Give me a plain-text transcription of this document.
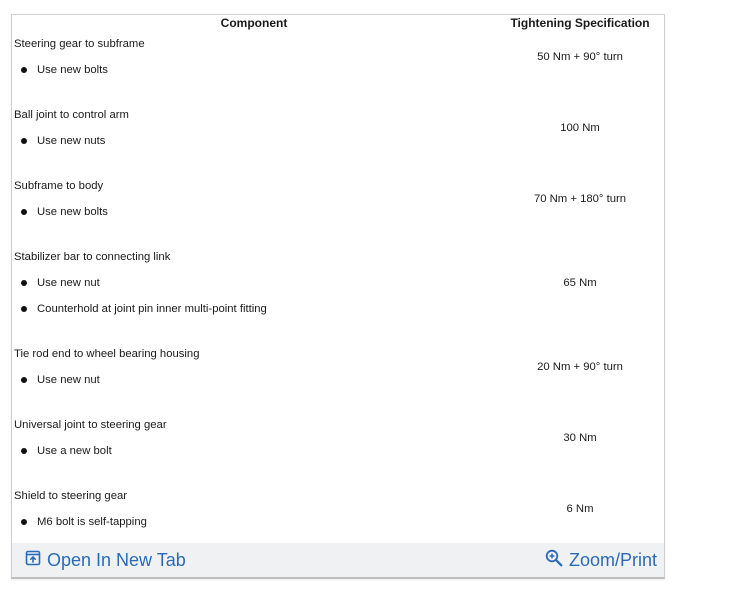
Component	Tightening Specification
Steering gear to subframe	50 Nm + 90° turn

Use new bolts	

Ball joint to control arm	100 Nm

Use new nuts	

Subframe to body	70 Nm + 180° turn

Use new bolts	

Stabilizer bar to connecting link	65 Nm

Use new nut	

Counterhold at joint pin inner multi-point fitting	

Tie rod end to wheel bearing housing	20 Nm + 90° turn

Use new nut	

Universal joint to steering gear	30 Nm

Use a new bolt	

Shield to steering gear	6 Nm

M6 bolt is self-tapping	
Open In New Tab	Zoom/Print
